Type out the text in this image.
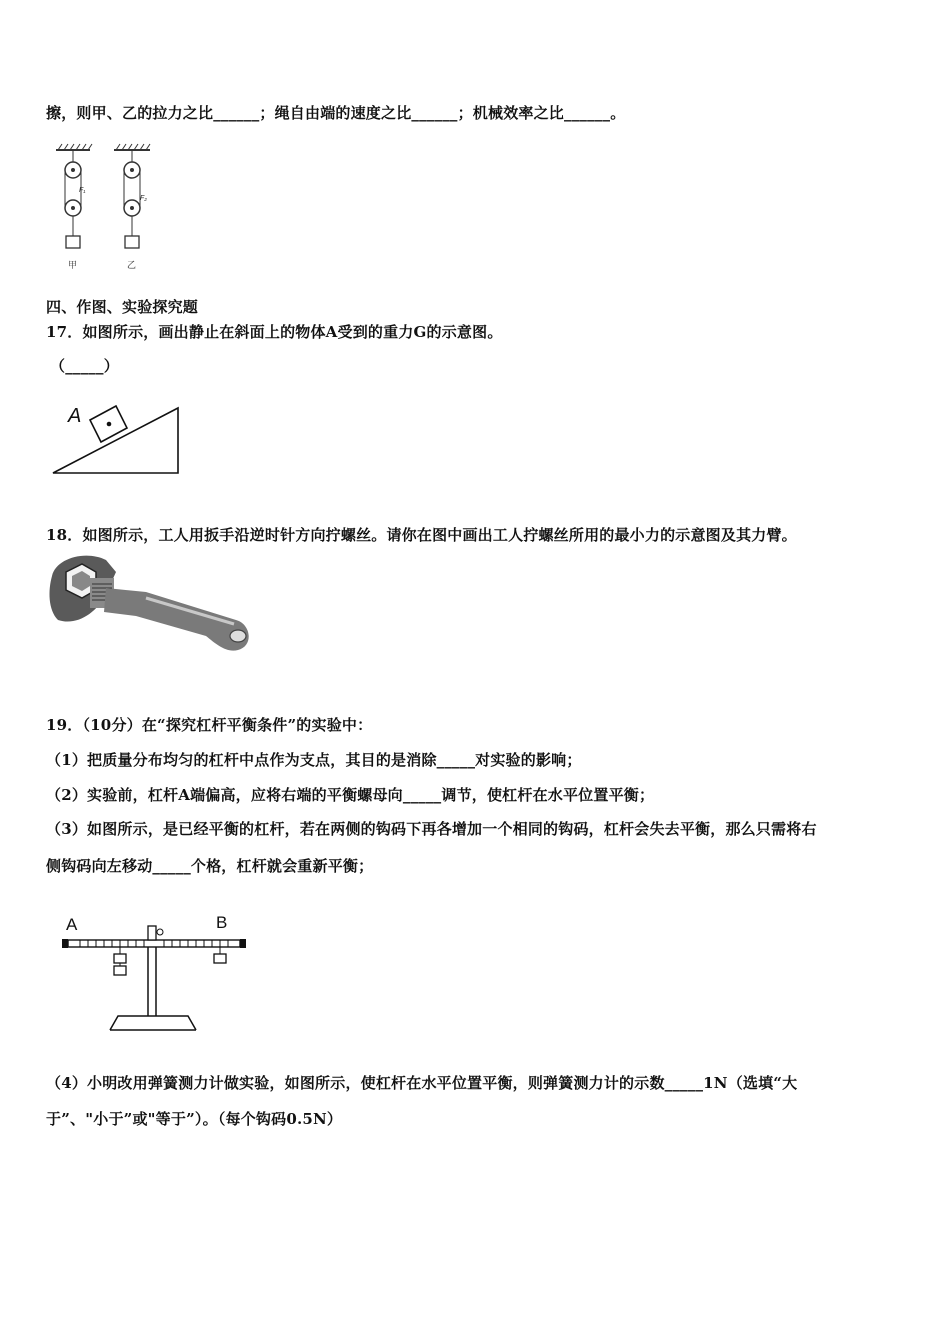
擦，则甲、乙的拉力之比______；绳自由端的速度之比______；机械效率之比______。
F₁
甲
F₂
乙
四、作图、实验探究题
17．如图所示，画出静止在斜面上的物体A受到的重力G的示意图。
（_____）
A
18．如图所示，工人用扳手沿逆时针方向拧螺丝。请你在图中画出工人拧螺丝所用的最小力的示意图及其力臂。
19．（10分）在“探究杠杆平衡条件”的实验中：
（1）把质量分布均匀的杠杆中点作为支点，其目的是消除_____对实验的影响；
（2）实验前，杠杆A端偏高，应将右端的平衡螺母向_____调节，使杠杆在水平位置平衡；
（3）如图所示，是已经平衡的杠杆，若在两侧的钩码下再各增加一个相同的钩码，杠杆会失去平衡，那么只需将右
侧钩码向左移动_____个格，杠杆就会重新平衡；
A	B
（4）小明改用弹簧测力计做实验，如图所示，使杠杆在水平位置平衡，则弹簧测力计的示数_____1N（选填“大
于”、"小于”或"等于”）。（每个钩码0.5N）
